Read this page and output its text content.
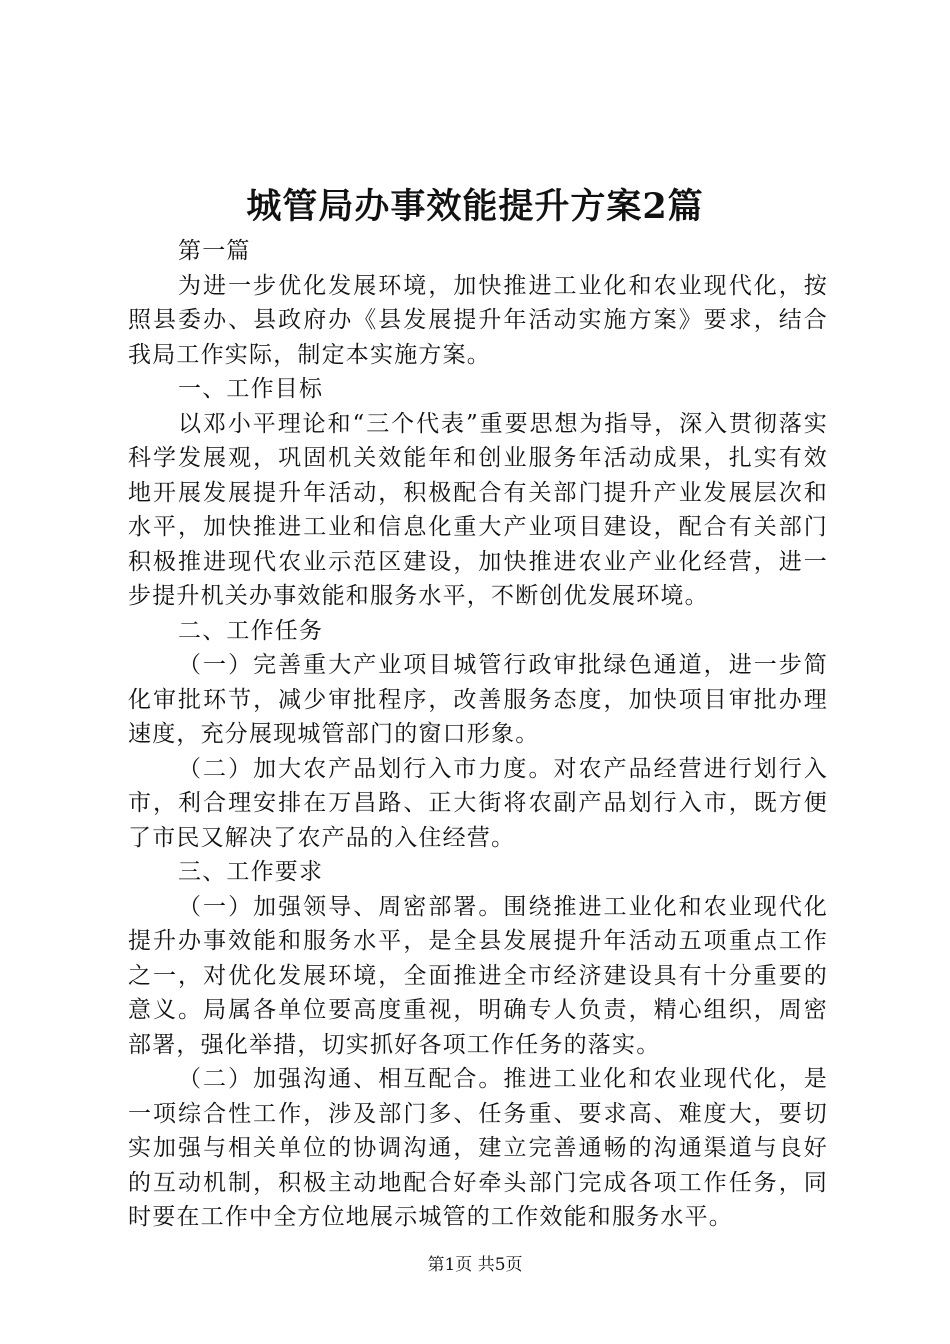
城管局办事效能提升方案2篇

第一篇

为进一步优化发展环境，加快推进工业化和农业现代化，按照县委办、县政府办《县发展提升年活动实施方案》要求，结合我局工作实际，制定本实施方案。

一、工作目标

以邓小平理论和“三个代表”重要思想为指导，深入贯彻落实科学发展观，巩固机关效能年和创业服务年活动成果，扎实有效地开展发展提升年活动，积极配合有关部门提升产业发展层次和水平，加快推进工业和信息化重大产业项目建设，配合有关部门积极推进现代农业示范区建设，加快推进农业产业化经营，进一步提升机关办事效能和服务水平，不断创优发展环境。

二、工作任务

（一）完善重大产业项目城管行政审批绿色通道，进一步简化审批环节，减少审批程序，改善服务态度，加快项目审批办理速度，充分展现城管部门的窗口形象。

（二）加大农产品划行入市力度。对农产品经营进行划行入市，利合理安排在万昌路、正大街将农副产品划行入市，既方便了市民又解决了农产品的入住经营。

三、工作要求

（一）加强领导、周密部署。围绕推进工业化和农业现代化提升办事效能和服务水平，是全县发展提升年活动五项重点工作之一，对优化发展环境，全面推进全市经济建设具有十分重要的意义。局属各单位要高度重视，明确专人负责，精心组织，周密部署，强化举措，切实抓好各项工作任务的落实。

（二）加强沟通、相互配合。推进工业化和农业现代化，是一项综合性工作，涉及部门多、任务重、要求高、难度大，要切实加强与相关单位的协调沟通，建立完善通畅的沟通渠道与良好的互动机制，积极主动地配合好牵头部门完成各项工作任务，同时要在工作中全方位地展示城管的工作效能和服务水平。

第1页 共5页
